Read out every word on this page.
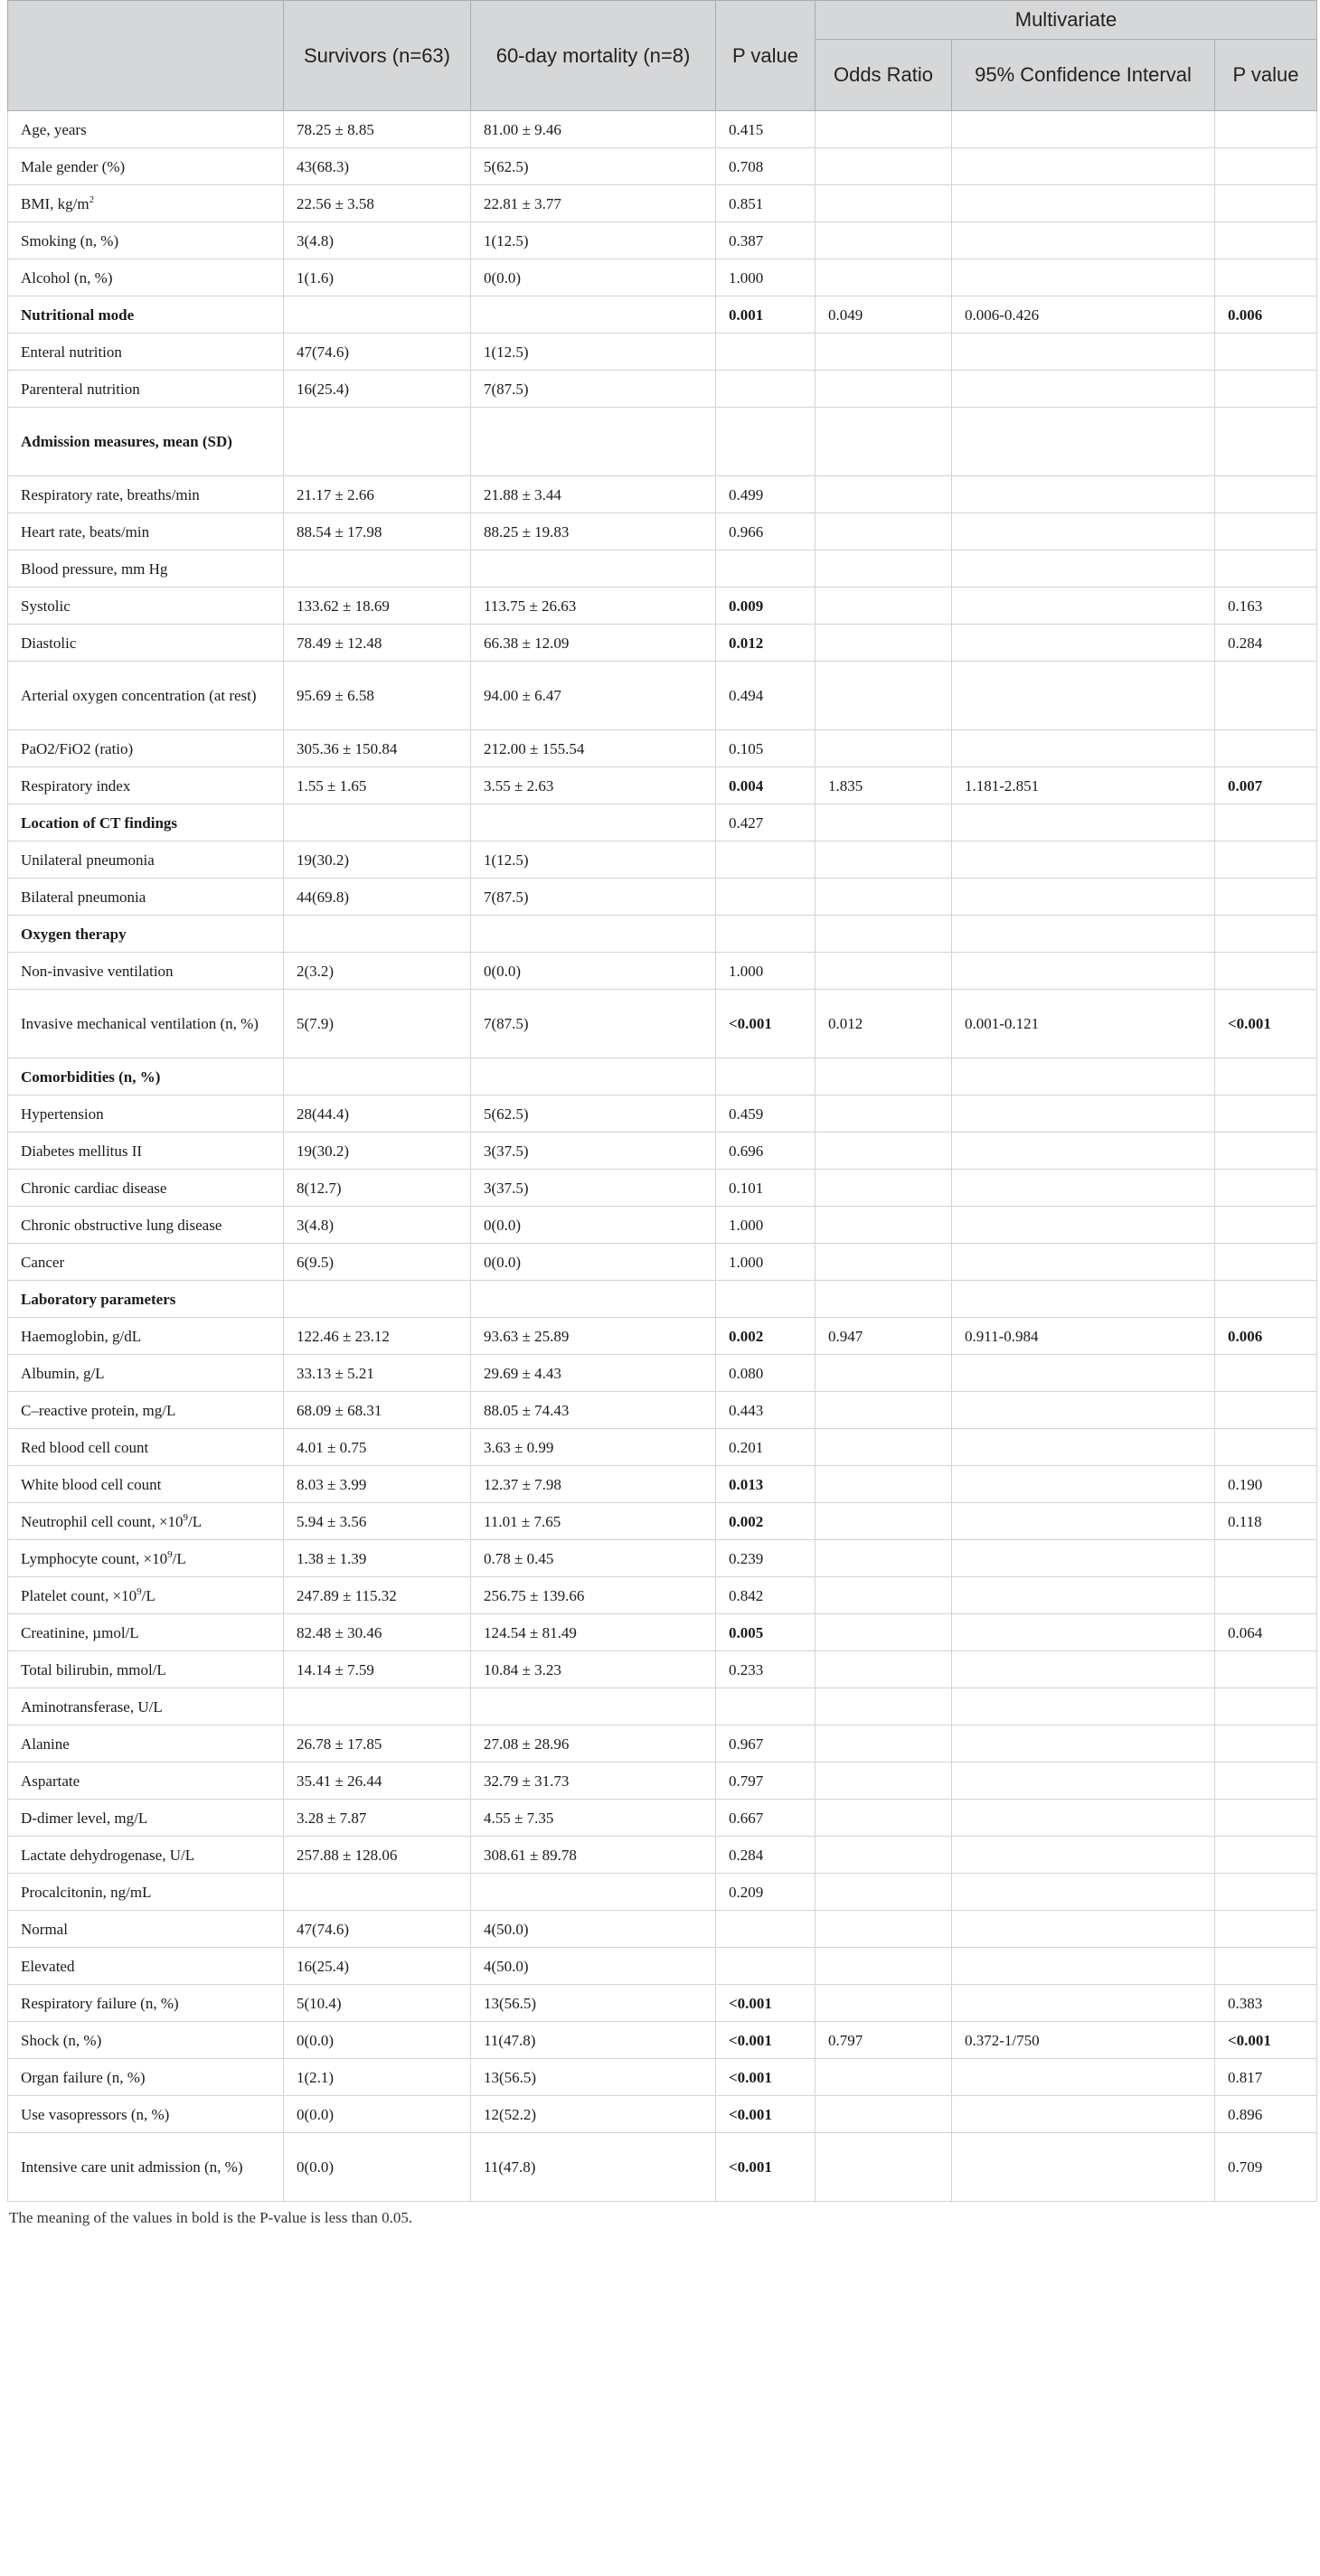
	Survivors (n=63)	60-day mortality (n=8)	P value	Multivariate		
				Odds Ratio	95% Confidence Interval	P value
Age, years	78.25 ± 8.85	81.00 ± 9.46	0.415			
Male gender (%)	43(68.3)	5(62.5)	0.708			
BMI, $kg/m^2$	22.56 ± 3.58	22.81 ± 3.77	0.851			
Smoking (n, %)	3(4.8)	1(12.5)	0.387			
Alcohol (n, %)	1(1.6)	0(0.0)	1.000			
Nutritional mode			0.001	0.049	0.006-0.426	0.006
Enteral nutrition	47(74.6)	1(12.5)				
Parenteral nutrition	16(25.4)	7(87.5)				
Admission measures, mean (SD)						
Respiratory rate, breaths/min	21.17 ± 2.66	21.88 ± 3.44	0.499			
Heart rate, beats/min	88.54 ± 17.98	88.25 ± 19.83	0.966			
Blood pressure, mm Hg						
Systolic	133.62 ± 18.69	113.75 ± 26.63	0.009			0.163
Diastolic	78.49 ± 12.48	66.38 ± 12.09	0.012			0.284
Arterial oxygen concentration (at rest)	95.69 ± 6.58	94.00 ± 6.47	0.494			
PaO2/FiO2 (ratio)	305.36 ± 150.84	212.00 ± 155.54	0.105			
Respiratory index	1.55 ± 1.65	3.55 ± 2.63	0.004	1.835	1.181-2.851	0.007
Location of CT findings			0.427			
Unilateral pneumonia	19(30.2)	1(12.5)				
Bilateral pneumonia	44(69.8)	7(87.5)				
Oxygen therapy						
Non-invasive ventilation	2(3.2)	0(0.0)	1.000			
Invasive mechanical ventilation (n, %)	5(7.9)	7(87.5)	<0.001	0.012	0.001-0.121	<0.001
Comorbidities (n, %)						
Hypertension	28(44.4)	5(62.5)	0.459			
Diabetes mellitus II	19(30.2)	3(37.5)	0.696			
Chronic cardiac disease	8(12.7)	3(37.5)	0.101			
Chronic obstructive lung disease	3(4.8)	0(0.0)	1.000			
Cancer	6(9.5)	0(0.0)	1.000			
Laboratory parameters						
Haemoglobin, g/dL	122.46 ± 23.12	93.63 ± 25.89	0.002	0.947	0.911-0.984	0.006
Albumin, g/L	33.13 ± 5.21	29.69 ± 4.43	0.080			
C–reactive protein, mg/L	68.09 ± 68.31	88.05 ± 74.43	0.443			
Red blood cell count	4.01 ± 0.75	3.63 ± 0.99	0.201			
White blood cell count	8.03 ± 3.99	12.37 ± 7.98	0.013			0.190
Neutrophil cell count, $\times 10^9/L$	5.94 ± 3.56	11.01 ± 7.65	0.002			0.118
Lymphocyte count, $\times 10^9/L$	1.38 ± 1.39	0.78 ± 0.45	0.239			
Platelet count, $\times 10^9/L$	247.89 ± 115.32	256.75 ± 139.66	0.842			
Creatinine, µmol/L	82.48 ± 30.46	124.54 ± 81.49	0.005			0.064
Total bilirubin, mmol/L	14.14 ± 7.59	10.84 ± 3.23	0.233			
Aminotransferase, U/L						
Alanine	26.78 ± 17.85	27.08 ± 28.96	0.967			
Aspartate	35.41 ± 26.44	32.79 ± 31.73	0.797			
D-dimer level, mg/L	3.28 ± 7.87	4.55 ± 7.35	0.667			
Lactate dehydrogenase, U/L	257.88 ± 128.06	308.61 ± 89.78	0.284			
Procalcitonin, ng/mL			0.209			
Normal	47(74.6)	4(50.0)				
Elevated	16(25.4)	4(50.0)				
Respiratory failure (n, %)	5(10.4)	13(56.5)	<0.001			0.383
Shock (n, %)	0(0.0)	11(47.8)	<0.001	0.797	0.372-1/750	<0.001
Organ failure (n, %)	1(2.1)	13(56.5)	<0.001			0.817
Use vasopressors (n, %)	0(0.0)	12(52.2)	<0.001			0.896
Intensive care unit admission (n, %)	0(0.0)	11(47.8)	<0.001			0.709
The meaning of the values in bold is the P-value is less than 0.05.
